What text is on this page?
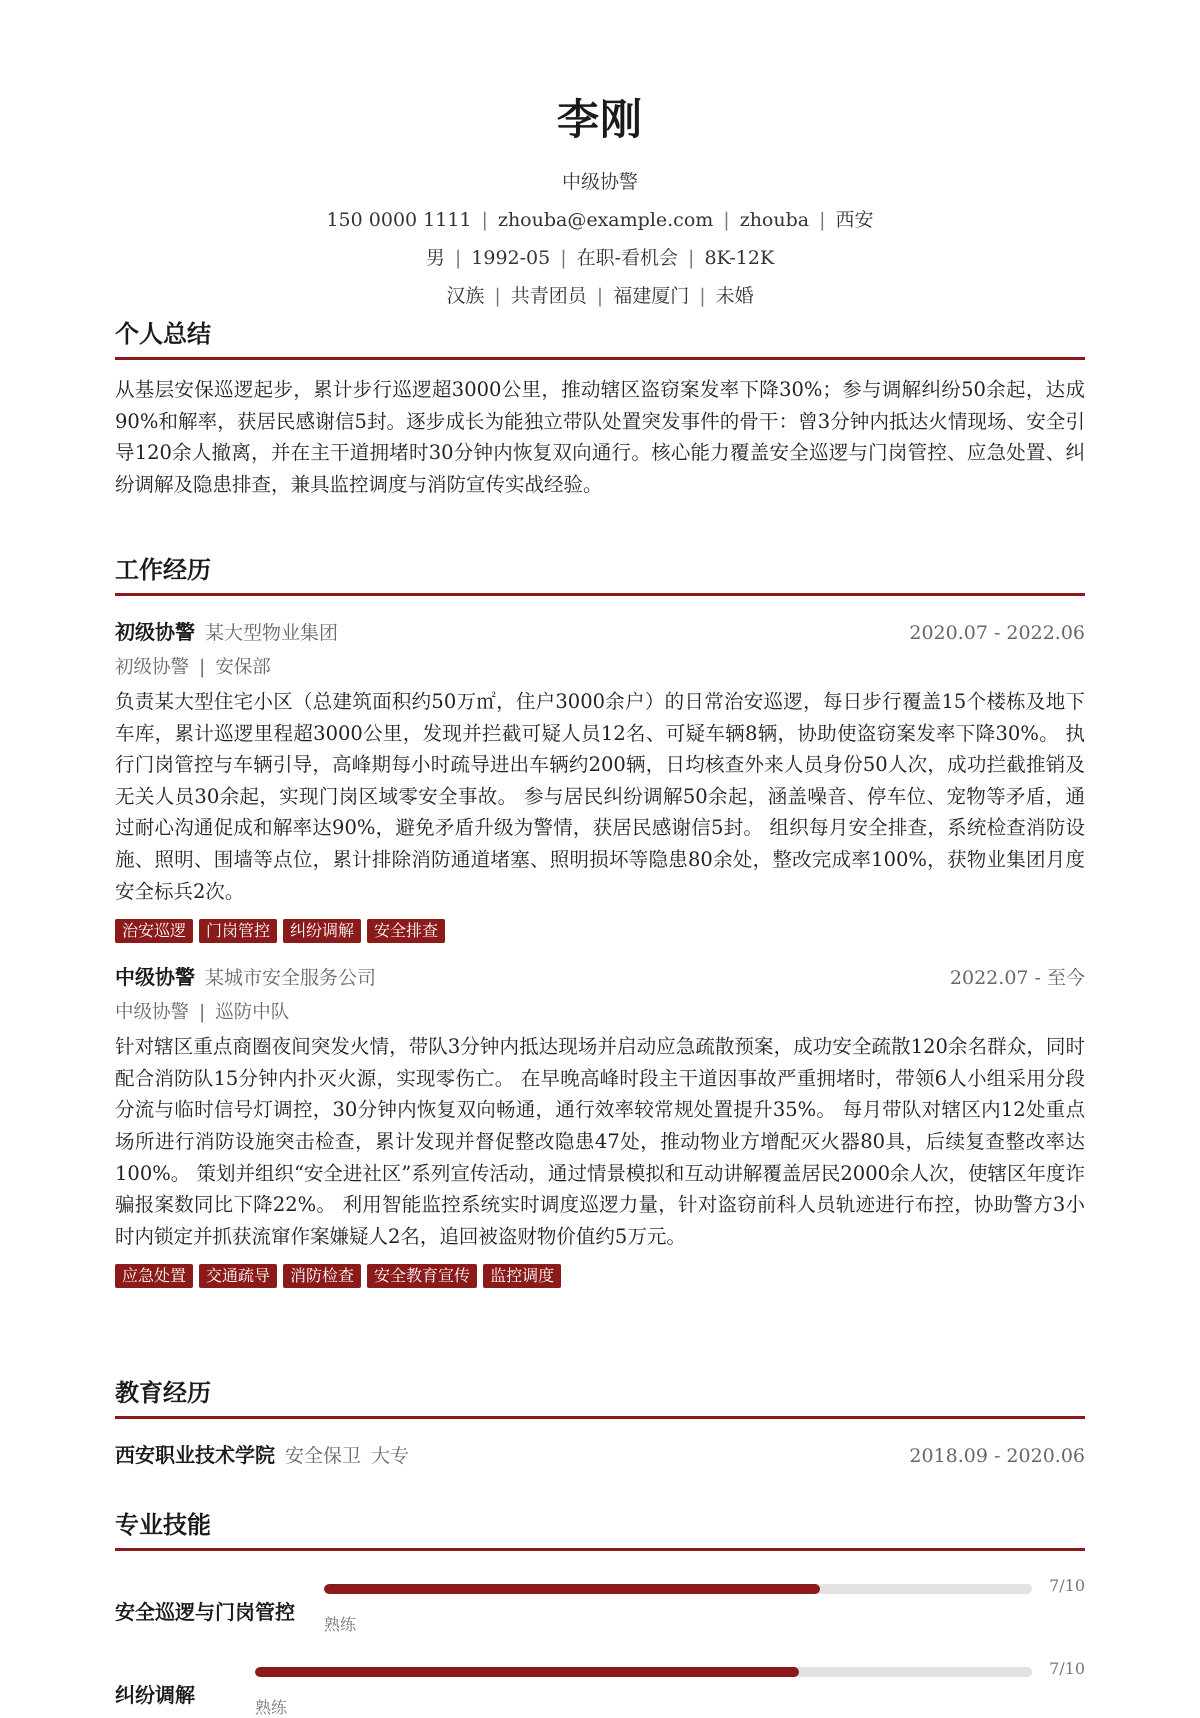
李刚
中级协警
150 0000 1111 | zhouba@example.com | zhouba | 西安
男 | 1992-05 | 在职-看机会 | 8K-12K
汉族 | 共青团员 | 福建厦门 | 未婚
个人总结
从基层安保巡逻起步，累计步行巡逻超3000公里，推动辖区盗窃案发率下降30%；参与调解纠纷50余起，达成90%和解率，获居民感谢信5封。逐步成长为能独立带队处置突发事件的骨干：曾3分钟内抵达火情现场、安全引导120余人撤离，并在主干道拥堵时30分钟内恢复双向通行。核心能力覆盖安全巡逻与门岗管控、应急处置、纠纷调解及隐患排查，兼具监控调度与消防宣传实战经验。
工作经历
初级协警 某大型物业集团	2020.07 - 2022.06
初级协警 | 安保部
负责某大型住宅小区（总建筑面积约50万㎡，住户3000余户）的日常治安巡逻，每日步行覆盖15个楼栋及地下车库，累计巡逻里程超3000公里，发现并拦截可疑人员12名、可疑车辆8辆，协助使盗窃案发率下降30%。 执行门岗管控与车辆引导，高峰期每小时疏导进出车辆约200辆，日均核查外来人员身份50人次，成功拦截推销及无关人员30余起，实现门岗区域零安全事故。 参与居民纠纷调解50余起，涵盖噪音、停车位、宠物等矛盾，通过耐心沟通促成和解率达90%，避免矛盾升级为警情，获居民感谢信5封。 组织每月安全排查，系统检查消防设施、照明、围墙等点位，累计排除消防通道堵塞、照明损坏等隐患80余处，整改完成率100%，获物业集团月度安全标兵2次。
治安巡逻	门岗管控	纠纷调解	安全排查
中级协警 某城市安全服务公司	2022.07 - 至今
中级协警 | 巡防中队
针对辖区重点商圈夜间突发火情，带队3分钟内抵达现场并启动应急疏散预案，成功安全疏散120余名群众，同时配合消防队15分钟内扑灭火源，实现零伤亡。 在早晚高峰时段主干道因事故严重拥堵时，带领6人小组采用分段分流与临时信号灯调控，30分钟内恢复双向畅通，通行效率较常规处置提升35%。 每月带队对辖区内12处重点场所进行消防设施突击检查，累计发现并督促整改隐患47处，推动物业方增配灭火器80具，后续复查整改率达100%。 策划并组织“安全进社区”系列宣传活动，通过情景模拟和互动讲解覆盖居民2000余人次，使辖区年度诈骗报案数同比下降22%。 利用智能监控系统实时调度巡逻力量，针对盗窃前科人员轨迹进行布控，协助警方3小时内锁定并抓获流窜作案嫌疑人2名，追回被盗财物价值约5万元。
应急处置	交通疏导	消防检查	安全教育宣传	监控调度
教育经历
西安职业技术学院 安全保卫 大专	2018.09 - 2020.06
专业技能
安全巡逻与门岗管控
熟练
7/10
纠纷调解
熟练
7/10
